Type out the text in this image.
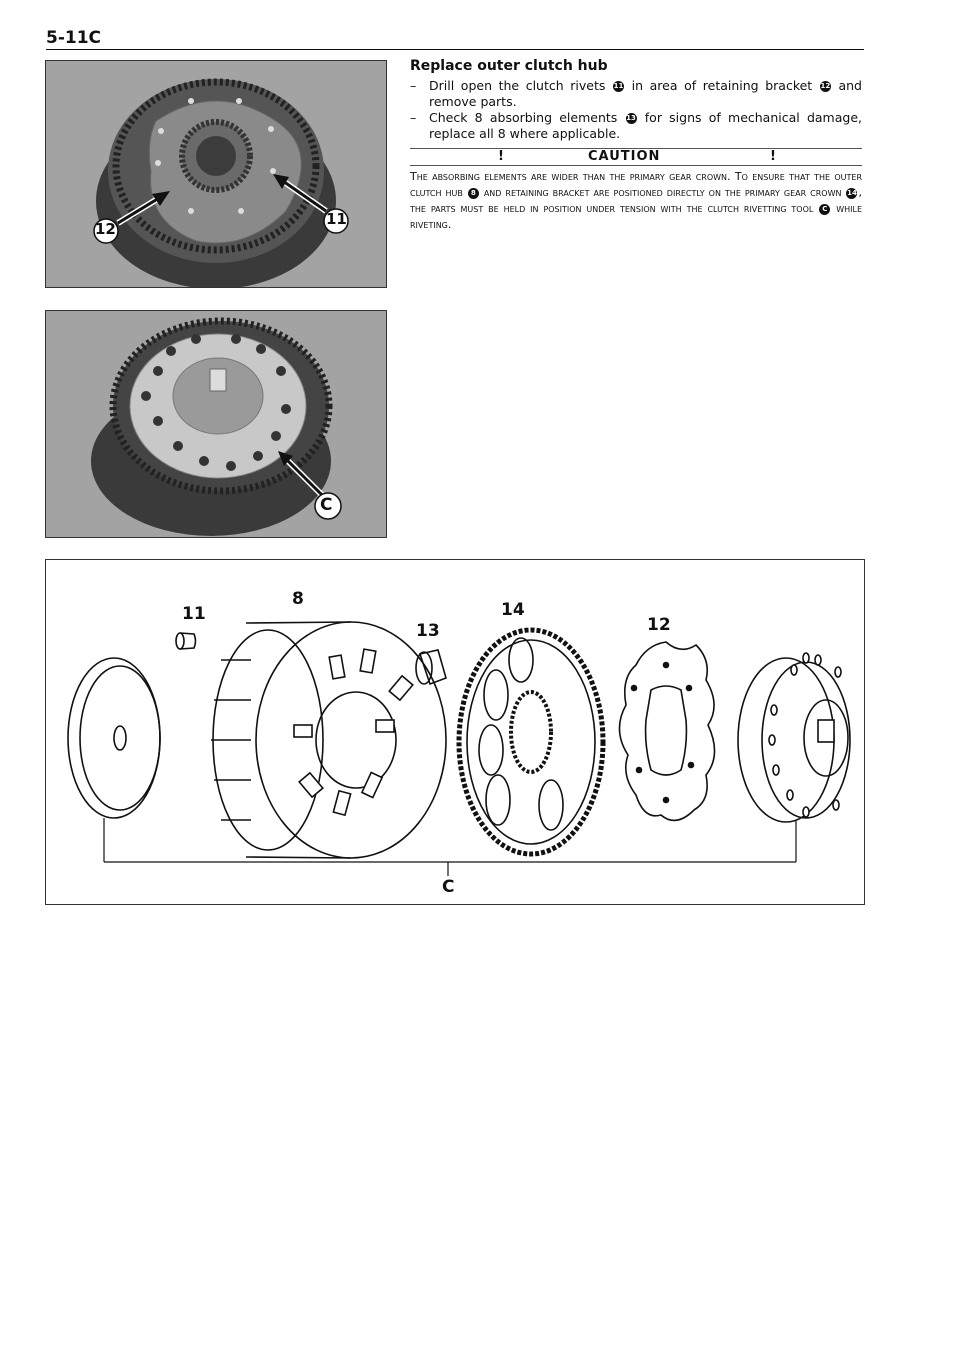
5-11C
12
11
C
Replace outer clutch hub

– Drill open the clutch rivets 11 in area of retaining bracket 12 and remove parts.

– Check 8 absorbing elements 13 for signs of mechanical damage, replace all 8 where applicable.

!	CAUTION	!
The absorbing elements are wider than the primary gear crown. To ensure that the outer clutch hub 8 and retaining bracket are positioned directly on the primary gear crown 14 , the parts must be held in position under tension with the clutch rivetting tool C while riveting.
11
8
13
14
12
C
